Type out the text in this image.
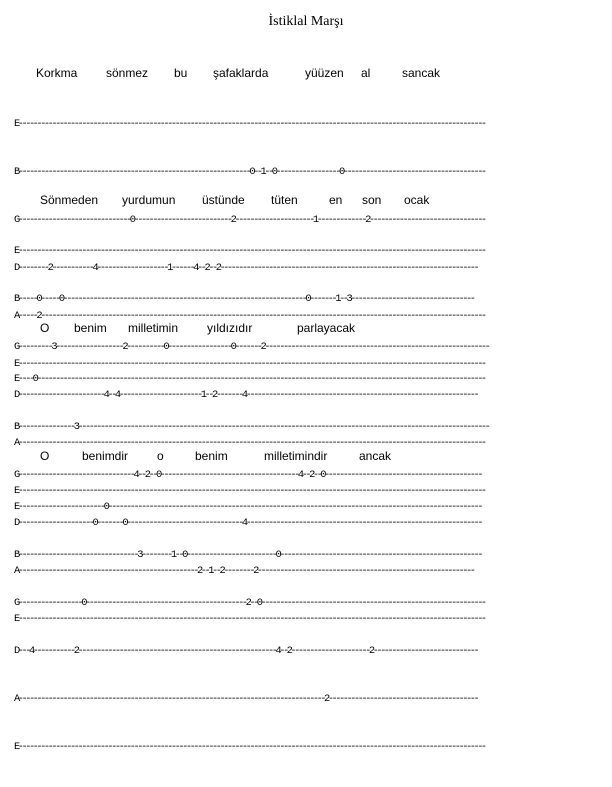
İstiklal Marşı
Korkma sönmez bu şafaklarda	yüüzen al	sancak

E-----------------------------------------------------------------------------------------------------------------------------

B--------------------------------------------------------------0--1--0-----------------0--------------------------------------

G------------------------------0--------------------------2---------------------1-------------2-------------------------------

D--------2-----------4-------------------1------4--2--2---------------------------------------------------------------------

A-----2-----------------------------------------------------------------------------------------------------------------------

E-----------------------------------------------------------------------------------------------------------------------------

Sönmeden yurdumun üstünde tüten	en son ocak

E-----------------------------------------------------------------------------------------------------------------------------

B-----0-----0-----------------------------------------------------------------0-------1--3---------------------------------

G---------3------------------2----------0-----------------0-------2------------------------------------------------------------

D-----------------------4--4----------------------1--2-------4--------------------------------------------------------------

A-----------------------------------------------------------------------------------------------------------------------------

E-----------------------------------------------------------------------------------------------------------------------------

O benim milletimin yıldızıdır	parlayacak

E----0------------------------------------------------------------------------------------------------------------------------

B---------------3--------------------------------------------------------------------------------------------------------------

G-------------------------------4--2--0-------------------------------------4--2--0------------------------------------------

D--------------------0-------0-------------------------------4---------------------------------------------------------------

A------------------------------------------------2--1--2--------2----------------------------------------------------------

E-----------------------------------------------------------------------------------------------------------------------------

O	benimdir o	benim	milletimindir	ancak

E-----------------------0----------------------------------------------------------------------------------------------------

B--------------------------------3--------1--0------------------------0------------------------------------------------------

G-----------------0-------------------------------------------2--0------------------------------------------------------------

D---4-----------2-----------------------------------------------------4--2---------------------2----------------------------

A----------------------------------------------------------------------------------2----------------------------------------

E-----------------------------------------------------------------------------------------------------------------------------
